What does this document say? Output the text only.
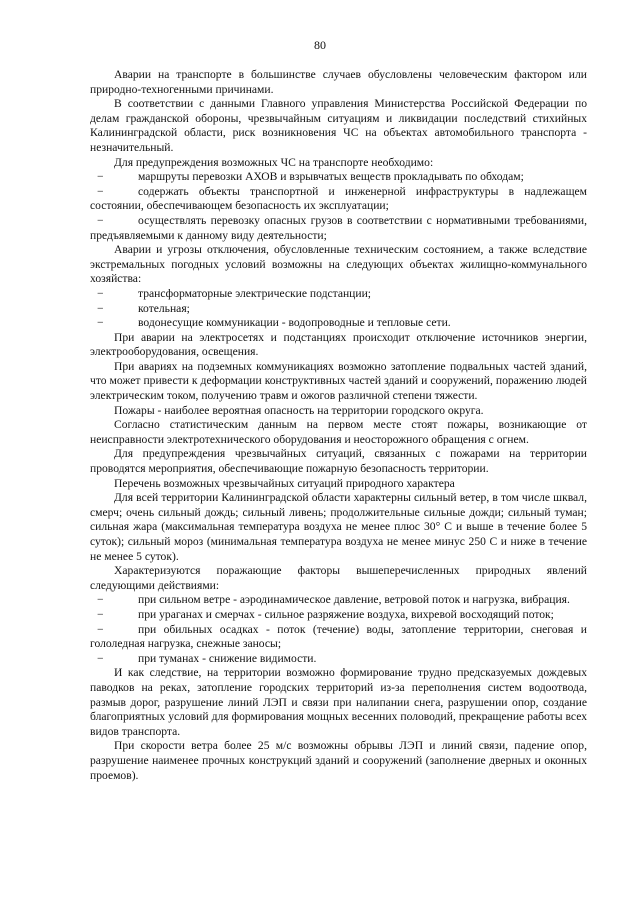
80

Аварии на транспорте в большинстве случаев обусловлены человеческим фактором или природно-техногенными причинами.

В соответствии с данными Главного управления Министерства Российской Федерации по делам гражданской обороны, чрезвычайным ситуациям и ликвидации последствий стихийных Калининградской области, риск возникновения ЧС на объектах автомобильного транспорта - незначительный.

Для предупреждения возможных ЧС на транспорте необходимо:

−	маршруты перевозки АХОВ и взрывчатых веществ прокладывать по обходам;

−	содержать объекты транспортной и инженерной инфраструктуры в надлежащем состоянии, обеспечивающем безопасность их эксплуатации;

−	осуществлять перевозку опасных грузов в соответствии с нормативными требованиями, предъявляемыми к данному виду деятельности;

Аварии и угрозы отключения, обусловленные техническим состоянием, а также вследствие экстремальных погодных условий возможны на следующих объектах жилищно-коммунального хозяйства:

−	трансформаторные электрические подстанции;

−	котельная;

−	водонесущие коммуникации - водопроводные и тепловые сети.

При аварии на электросетях и подстанциях происходит отключение источников энергии, электрооборудования, освещения.

При авариях на подземных коммуникациях возможно затопление подвальных частей зданий, что может привести к деформации конструктивных частей зданий и сооружений, поражению людей электрическим током, получению травм и ожогов различной степени тяжести.

Пожары - наиболее вероятная опасность на территории городского округа.

Согласно статистическим данным на первом месте стоят пожары, возникающие от неисправности электротехнического оборудования и неосторожного обращения с огнем.

Для предупреждения чрезвычайных ситуаций, связанных с пожарами на территории проводятся мероприятия, обеспечивающие пожарную безопасность территории.

Перечень возможных чрезвычайных ситуаций природного характера

Для всей территории Калининградской области характерны сильный ветер, в том числе шквал, смерч; очень сильный дождь; сильный ливень; продолжительные сильные дожди; сильный туман; сильная жара (максимальная температура воздуха не менее плюс 30° С и выше в течение более 5 суток); сильный мороз (минимальная температура воздуха не менее минус 250 С и ниже в течение не менее 5 суток).

Характеризуются поражающие факторы вышеперечисленных природных явлений следующими действиями:

−	при сильном ветре - аэродинамическое давление, ветровой поток и нагрузка, вибрация.

−	при ураганах и смерчах - сильное разряжение воздуха, вихревой восходящий поток;

−	при обильных осадках - поток (течение) воды, затопление территории, снеговая и гололедная нагрузка, снежные заносы;

−	при туманах - снижение видимости.

И как следствие, на территории возможно формирование трудно предсказуемых дождевых паводков на реках, затопление городских территорий из-за переполнения систем водоотвода, размыв дорог, разрушение линий ЛЭП и связи при налипании снега, разрушении опор, создание благоприятных условий для формирования мощных весенних половодий, прекращение работы всех видов транспорта.

При скорости ветра более 25 м/с возможны обрывы ЛЭП и линий связи, падение опор, разрушение наименее прочных конструкций зданий и сооружений (заполнение дверных и оконных проемов).
